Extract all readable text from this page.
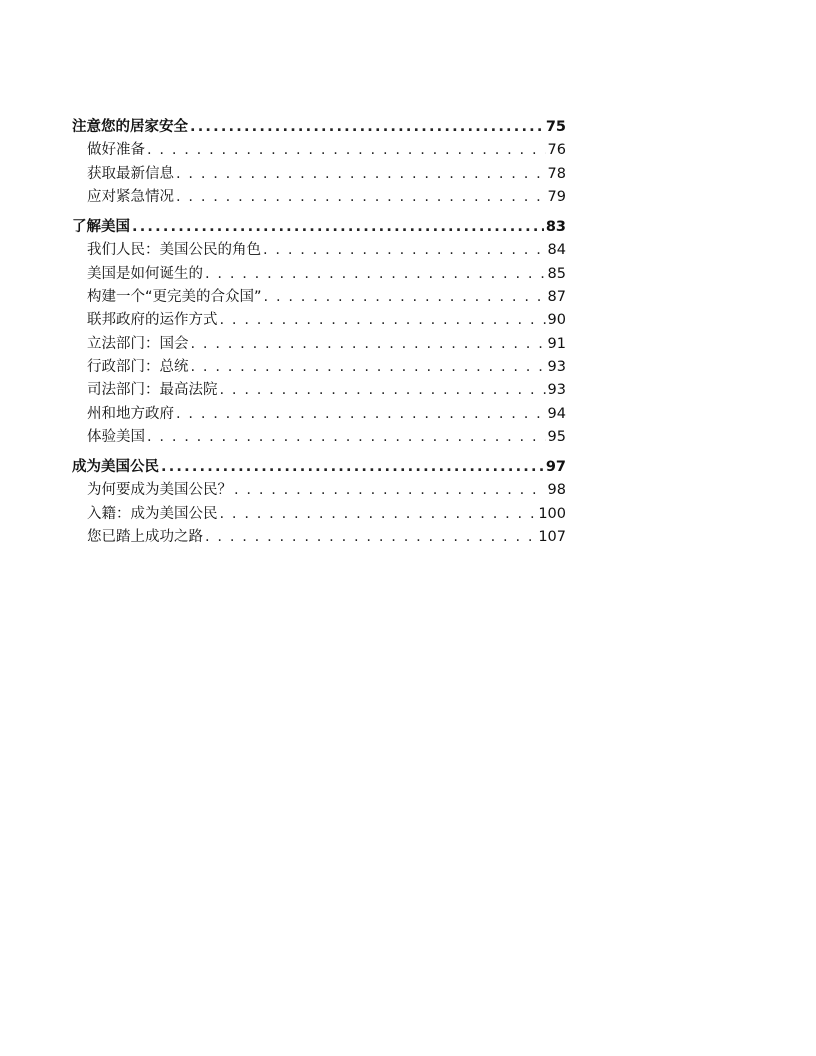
注意您的居家安全 .....	75
做好准备 . . .	76
获取最新信息 . . .	78
应对紧急情况 . . .	79
了解美国 .....	83
我们人民：美国公民的角色 . . .	84
美国是如何诞生的 . . .	85
构建一个“更完美的合众国” . . .	87
联邦政府的运作方式 . . .	90
立法部门：国会 . . .	91
行政部门：总统 . . .	93
司法部门：最高法院 . . .	93
州和地方政府 . . .	94
体验美国 . . .	95
成为美国公民 .....	97
为何要成为美国公民？ . . .	98
入籍：成为美国公民 . . .	100
您已踏上成功之路 . . .	107
